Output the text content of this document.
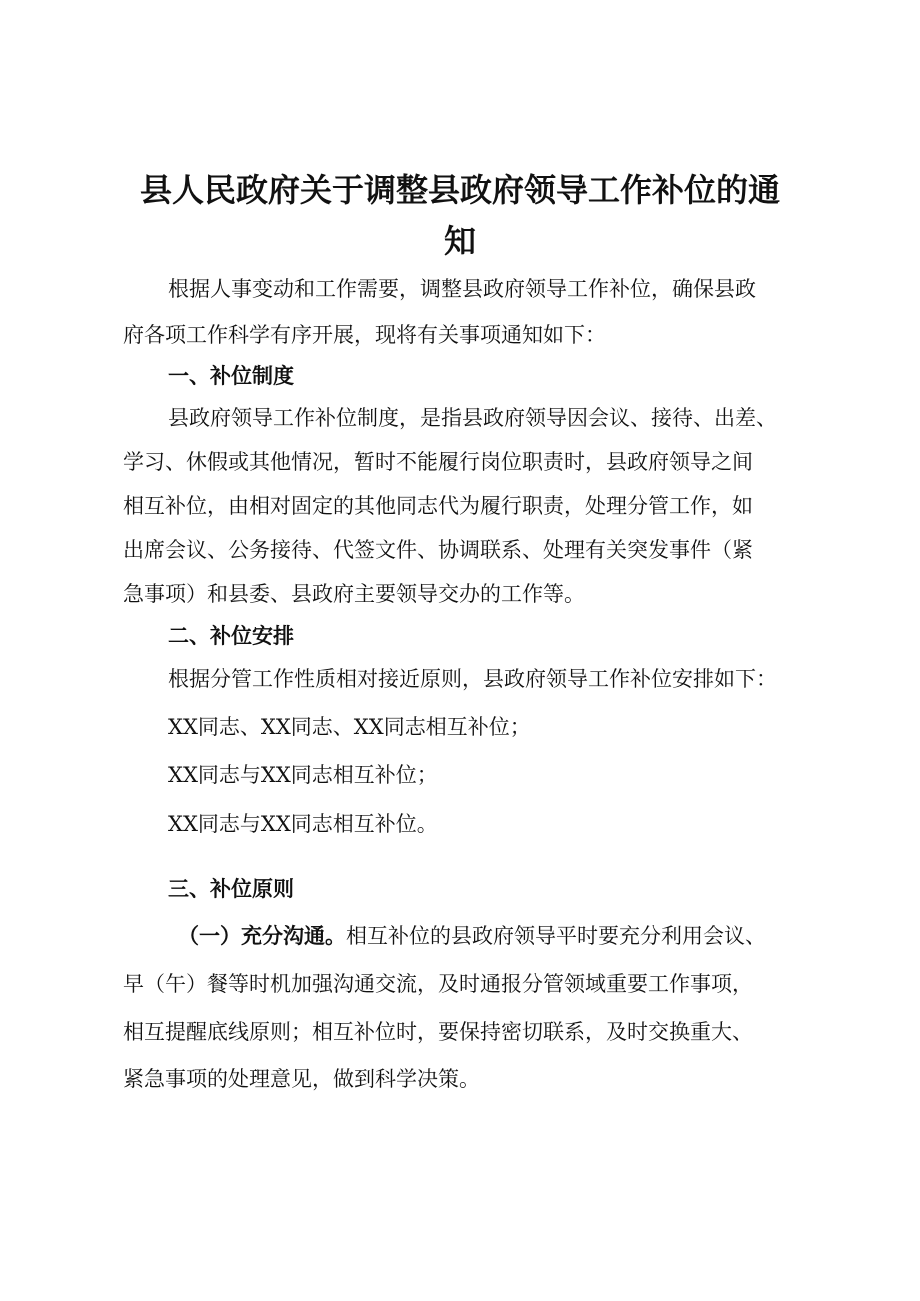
县人民政府关于调整县政府领导工作补位的通
知
根据人事变动和工作需要，调整县政府领导工作补位，确保县政
府各项工作科学有序开展，现将有关事项通知如下：
一、补位制度
县政府领导工作补位制度，是指县政府领导因会议、接待、出差、
学习、休假或其他情况，暂时不能履行岗位职责时，县政府领导之间
相互补位，由相对固定的其他同志代为履行职责，处理分管工作，如
出席会议、公务接待、代签文件、协调联系、处理有关突发事件（紧
急事项）和县委、县政府主要领导交办的工作等。
二、补位安排
根据分管工作性质相对接近原则，县政府领导工作补位安排如下：
XX同志、XX同志、XX同志相互补位；
XX同志与XX同志相互补位；
XX同志与XX同志相互补位。
三、补位原则
（一）充分沟通。相互补位的县政府领导平时要充分利用会议、
早（午）餐等时机加强沟通交流，及时通报分管领域重要工作事项，
相互提醒底线原则；相互补位时，要保持密切联系，及时交换重大、
紧急事项的处理意见，做到科学决策。
